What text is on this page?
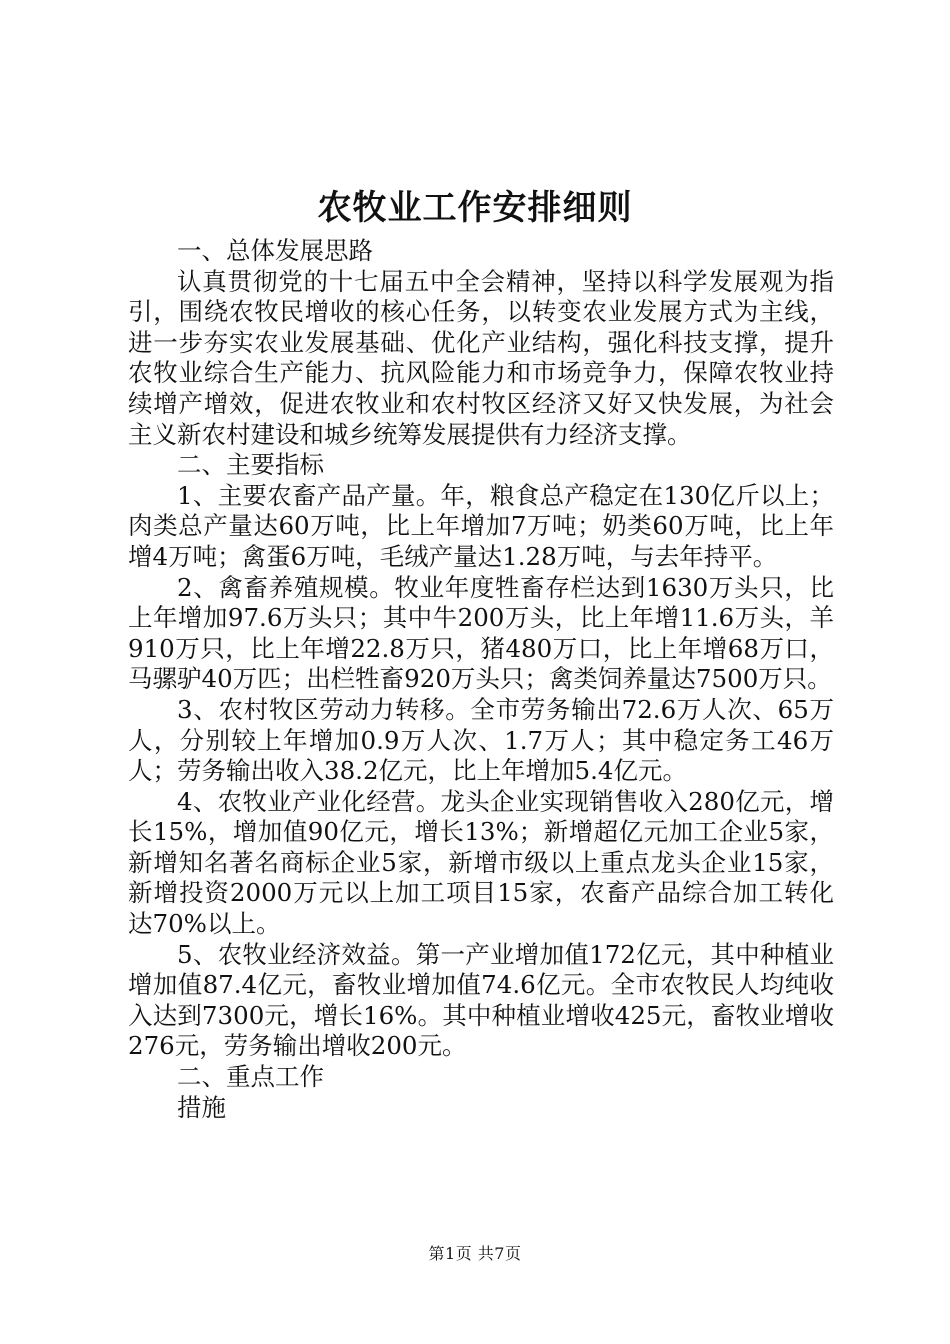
农牧业工作安排细则

一、总体发展思路

认真贯彻党的十七届五中全会精神，坚持以科学发展观为指引，围绕农牧民增收的核心任务，以转变农业发展方式为主线，进一步夯实农业发展基础、优化产业结构，强化科技支撑，提升农牧业综合生产能力、抗风险能力和市场竞争力，保障农牧业持续增产增效，促进农牧业和农村牧区经济又好又快发展，为社会主义新农村建设和城乡统筹发展提供有力经济支撑。

二、主要指标

1、主要农畜产品产量。年，粮食总产稳定在130亿斤以上；肉类总产量达60万吨，比上年增加7万吨；奶类60万吨，比上年增4万吨；禽蛋6万吨，毛绒产量达1.28万吨，与去年持平。

2、禽畜养殖规模。牧业年度牲畜存栏达到1630万头只，比上年增加97.6万头只；其中牛200万头，比上年增11.6万头，羊910万只，比上年增22.8万只，猪480万口，比上年增68万口，马骡驴40万匹；出栏牲畜920万头只；禽类饲养量达7500万只。

3、农村牧区劳动力转移。全市劳务输出72.6万人次、65万人，分别较上年增加0.9万人次、1.7万人；其中稳定务工46万人；劳务输出收入38.2亿元，比上年增加5.4亿元。

4、农牧业产业化经营。龙头企业实现销售收入280亿元，增长15%，增加值90亿元，增长13%；新增超亿元加工企业5家，新增知名著名商标企业5家，新增市级以上重点龙头企业15家，新增投资2000万元以上加工项目15家，农畜产品综合加工转化达70%以上。

5、农牧业经济效益。第一产业增加值172亿元，其中种植业增加值87.4亿元，畜牧业增加值74.6亿元。全市农牧民人均纯收入达到7300元，增长16%。其中种植业增收425元，畜牧业增收276元，劳务输出增收200元。

二、重点工作

措施

第1页 共7页
